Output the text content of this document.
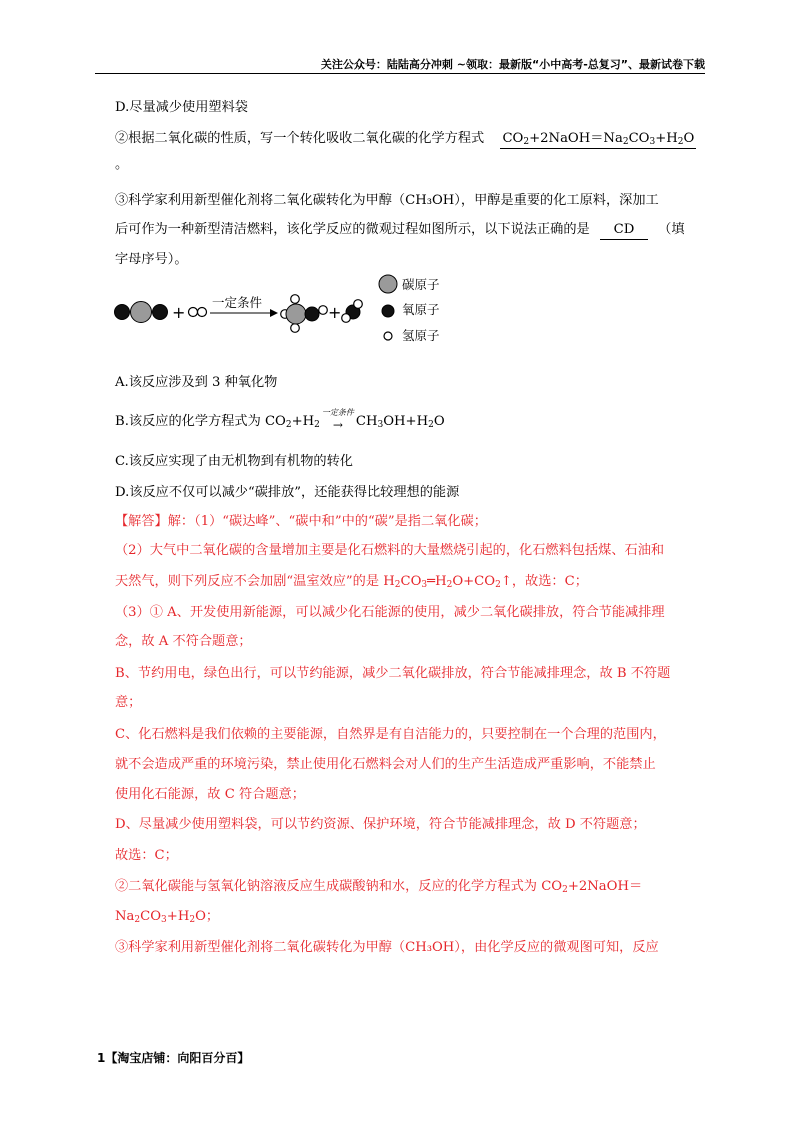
关注公众号：陆陆高分冲刺 ~领取：最新版“小中高考-总复习”、最新试卷下载
D.尽量减少使用塑料袋
②根据二氧化碳的性质，写一个转化吸收二氧化碳的化学方程式 $CO_2+2NaOH=Na_2CO_3+H_2O$
。
③科学家利用新型催化剂将二氧化碳转化为甲醇（CH₃OH），甲醇是重要的化工原料，深加工
后可作为一种新型清洁燃料，该化学反应的微观过程如图所示，以下说法正确的是 CD （填
字母序号）。
+
一定条件
+
碳原子
氧原子
氢原子
A.该反应涉及到 3 种氧化物
B.该反应的化学方程式为 $CO_2+H_2$
一定条件
→ $CH_3OH+H_2O$
C.该反应实现了由无机物到有机物的转化
D.该反应不仅可以减少“碳排放”，还能获得比较理想的能源
【解答】解：（1）“碳达峰”、“碳中和”中的“碳”是指二氧化碳；
（2）大气中二氧化碳的含量增加主要是化石燃料的大量燃烧引起的，化石燃料包括煤、石油和
天然气，则下列反应不会加剧“温室效应”的是 $H_2CO_3═H_2O+CO_2↑$，故选：C；
（3）① A、开发使用新能源，可以减少化石能源的使用，减少二氧化碳排放，符合节能减排理
念，故 A 不符合题意；
B、节约用电，绿色出行，可以节约能源，减少二氧化碳排放，符合节能减排理念，故 B 不符题
意；
C、化石燃料是我们依赖的主要能源，自然界是有自洁能力的，只要控制在一个合理的范围内，
就不会造成严重的环境污染，禁止使用化石燃料会对人们的生产生活造成严重影响，不能禁止
使用化石能源，故 C 符合题意；
D、尽量减少使用塑料袋，可以节约资源、保护环境，符合节能减排理念，故 D 不符题意；
故选：C；
②二氧化碳能与氢氧化钠溶液反应生成碳酸钠和水，反应的化学方程式为 $CO_2+2NaOH=$
$Na_2CO_3+H_2O$；
③科学家利用新型催化剂将二氧化碳转化为甲醇（CH₃OH），由化学反应的微观图可知，反应
1【淘宝店铺：向阳百分百】
